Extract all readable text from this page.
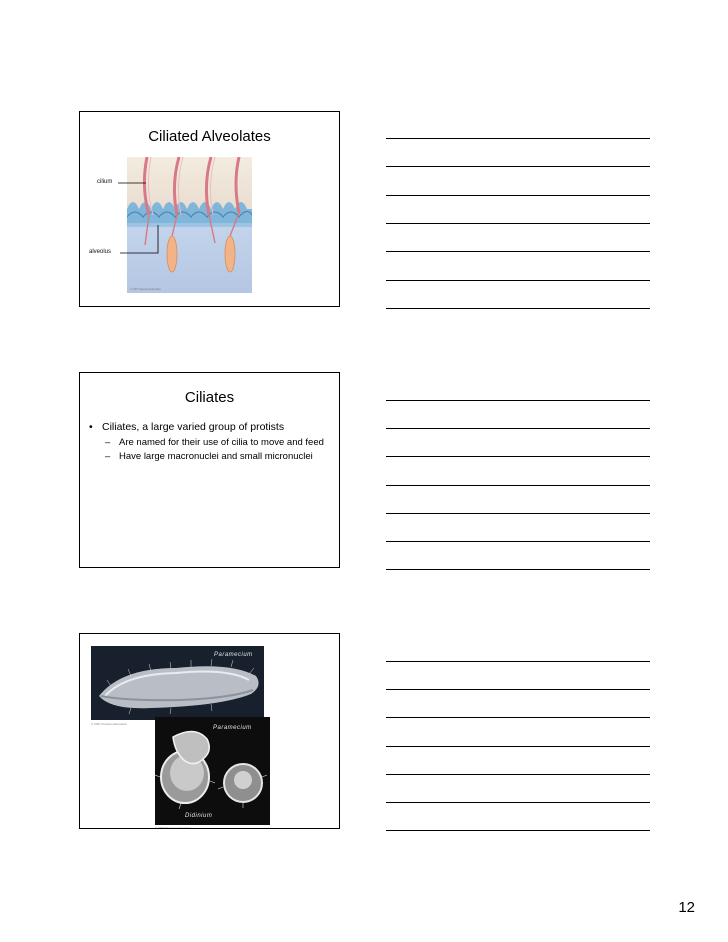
Ciliated Alveolates
© 2007 Pearson Education
cilium
alveolus
Ciliates
• Ciliates, a large varied group of protists
– Are named for their use of cilia to move and feed
– Have large macronuclei and small micronuclei
Paramecium
© 2007 Pearson Education
Paramecium
Didinium
© 2007 Pearson Education
12
